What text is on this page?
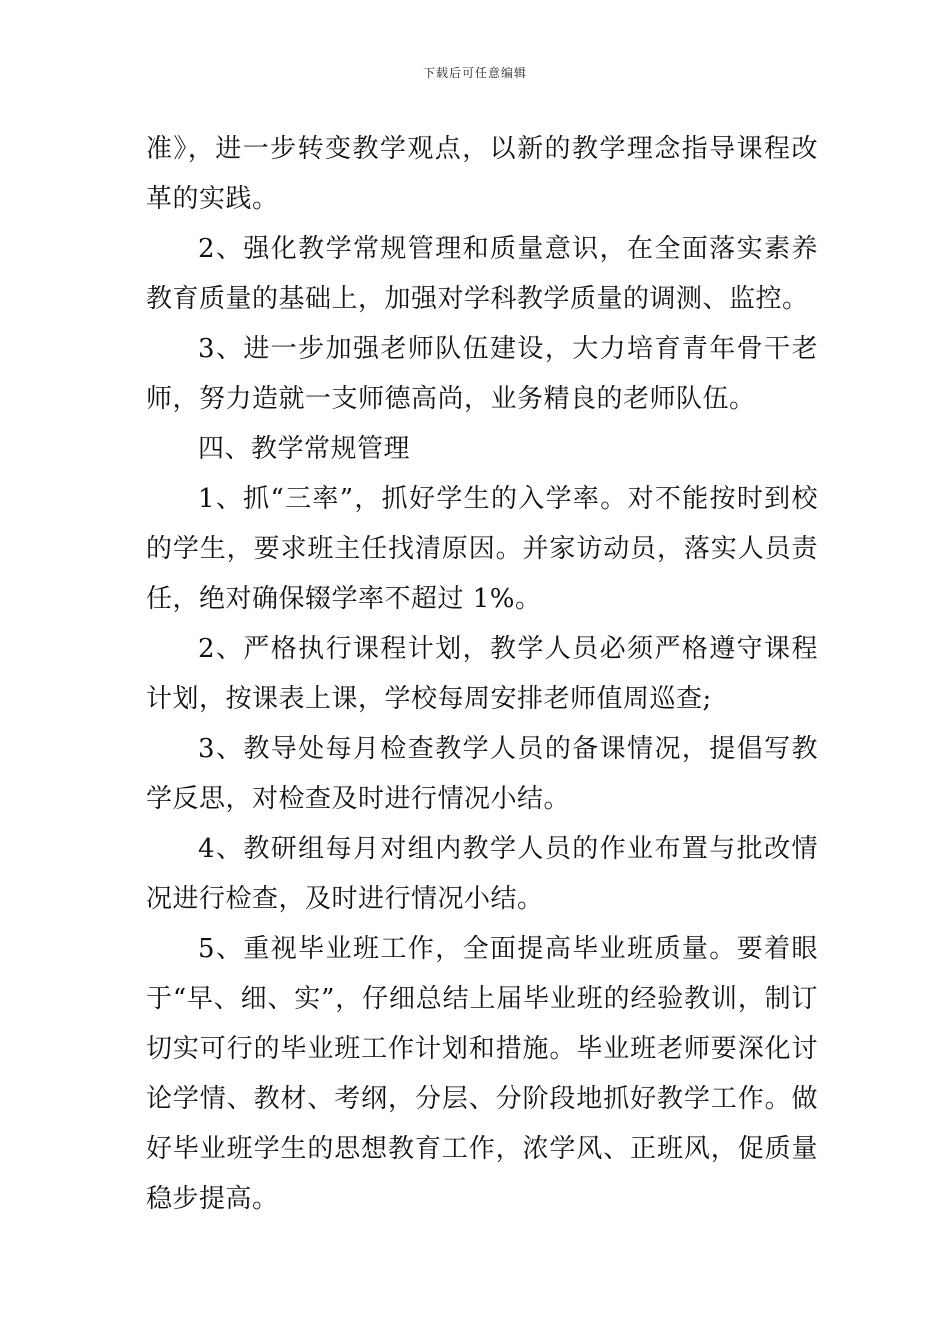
下载后可任意编辑

准》，进一步转变教学观点，以新的教学理念指导课程改革的实践。

2、强化教学常规管理和质量意识，在全面落实素养教育质量的基础上，加强对学科教学质量的调测、监控。

3、进一步加强老师队伍建设，大力培育青年骨干老师，努力造就一支师德高尚，业务精良的老师队伍。

四、教学常规管理

1、抓“三率”，抓好学生的入学率。对不能按时到校的学生，要求班主任找清原因。并家访动员，落实人员责任，绝对确保辍学率不超过 1%。

2、严格执行课程计划，教学人员必须严格遵守课程计划，按课表上课，学校每周安排老师值周巡查;

3、教导处每月检查教学人员的备课情况，提倡写教学反思，对检查及时进行情况小结。

4、教研组每月对组内教学人员的作业布置与批改情况进行检查，及时进行情况小结。

5、重视毕业班工作，全面提高毕业班质量。要着眼于“早、细、实”，仔细总结上届毕业班的经验教训，制订切实可行的毕业班工作计划和措施。毕业班老师要深化讨论学情、教材、考纲，分层、分阶段地抓好教学工作。做好毕业班学生的思想教育工作，浓学风、正班风，促质量稳步提高。
